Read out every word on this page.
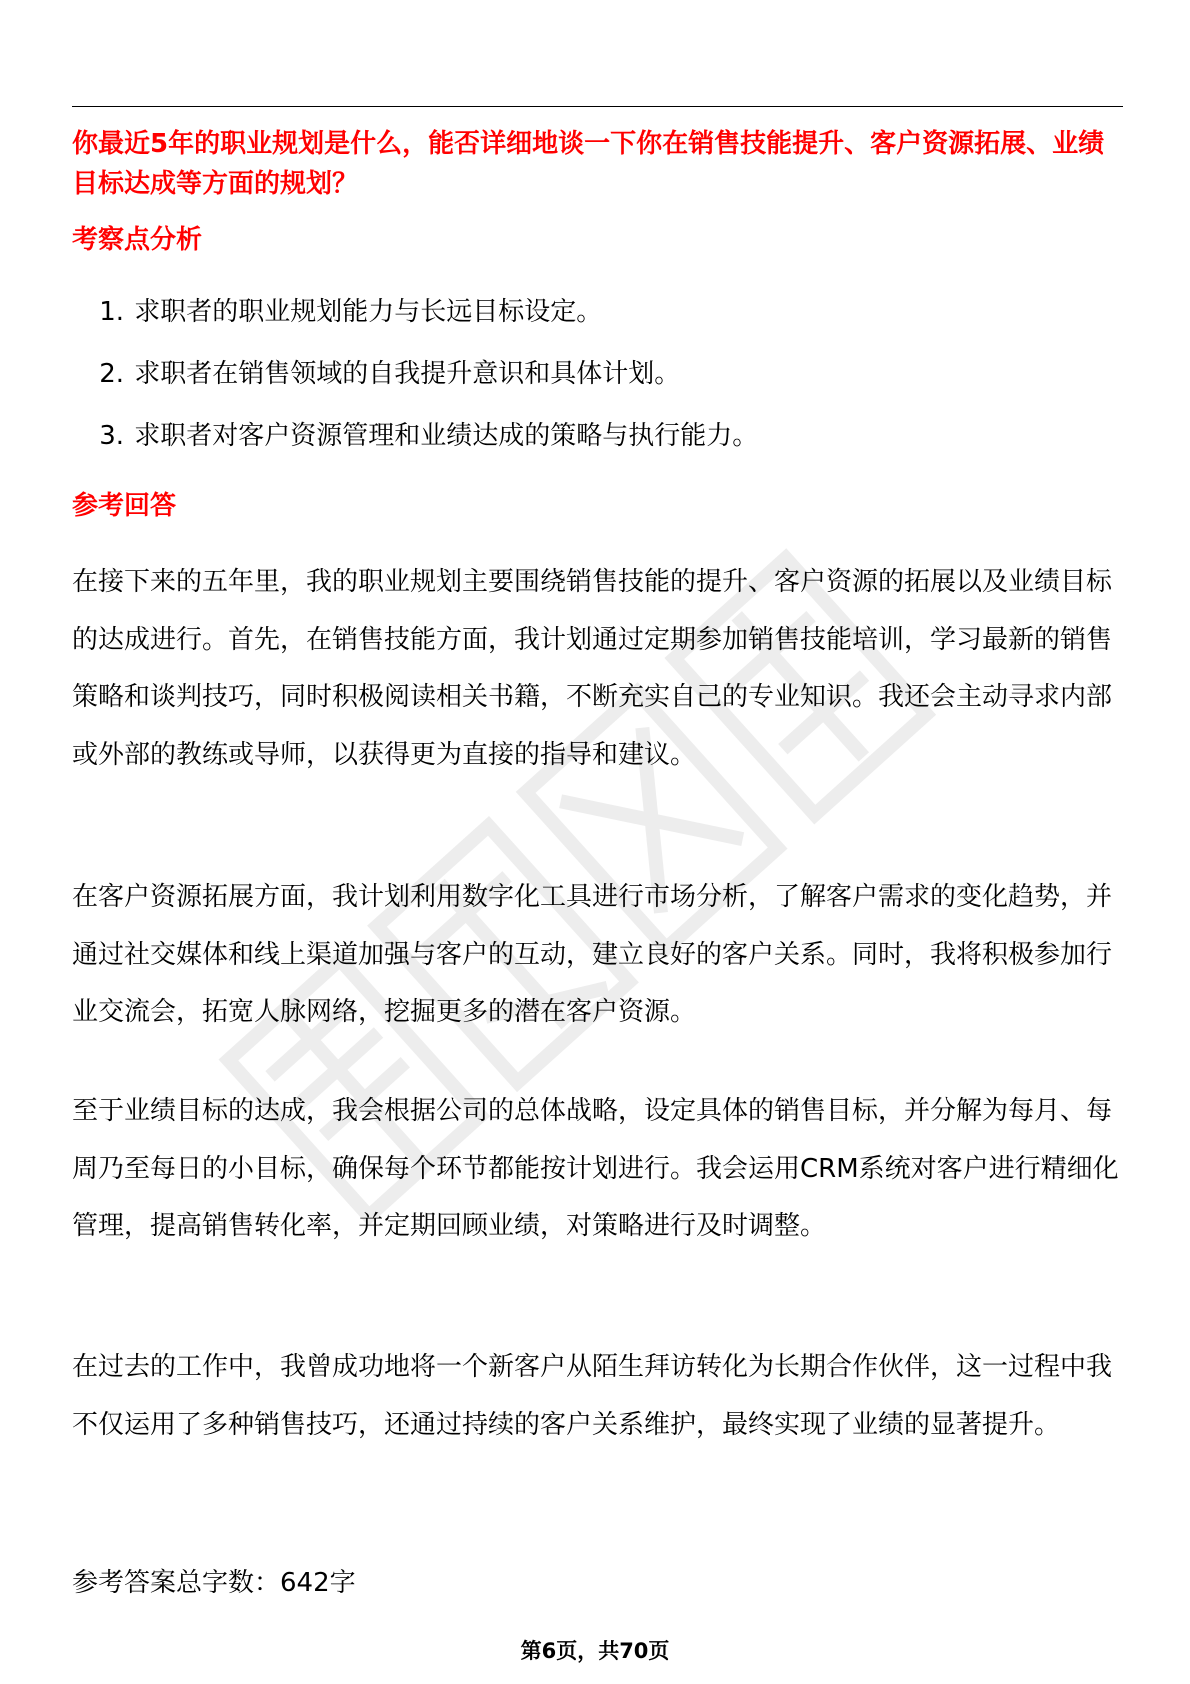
你最近5年的职业规划是什么，能否详细地谈一下你在销售技能提升、客户资源拓展、业绩目标达成等方面的规划？

考察点分析
1. 求职者的职业规划能力与长远目标设定。
2. 求职者在销售领域的自我提升意识和具体计划。
3. 求职者对客户资源管理和业绩达成的策略与执行能力。
参考回答

在接下来的五年里，我的职业规划主要围绕销售技能的提升、客户资源的拓展以及业绩目标的达成进行。首先，在销售技能方面，我计划通过定期参加销售技能培训，学习最新的销售策略和谈判技巧，同时积极阅读相关书籍，不断充实自己的专业知识。我还会主动寻求内部或外部的教练或导师，以获得更为直接的指导和建议。

在客户资源拓展方面，我计划利用数字化工具进行市场分析，了解客户需求的变化趋势，并通过社交媒体和线上渠道加强与客户的互动，建立良好的客户关系。同时，我将积极参加行业交流会，拓宽人脉网络，挖掘更多的潜在客户资源。

至于业绩目标的达成，我会根据公司的总体战略，设定具体的销售目标，并分解为每月、每周乃至每日的小目标，确保每个环节都能按计划进行。我会运用CRM系统对客户进行精细化管理，提高销售转化率，并定期回顾业绩，对策略进行及时调整。

在过去的工作中，我曾成功地将一个新客户从陌生拜访转化为长期合作伙伴，这一过程中我不仅运用了多种销售技巧，还通过持续的客户关系维护，最终实现了业绩的显著提升。

参考答案总字数：642字

第6页，共70页
